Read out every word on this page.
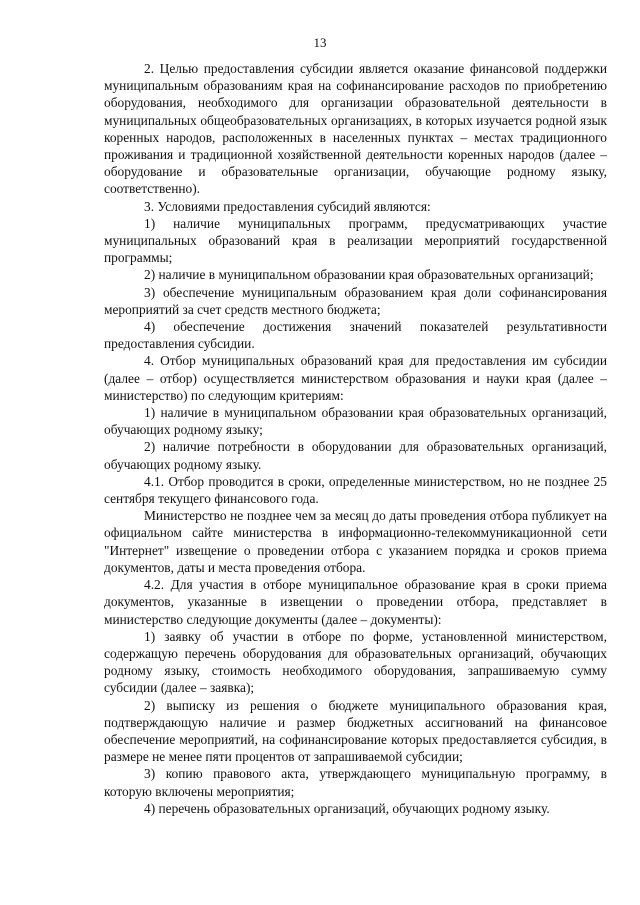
13

2. Целью предоставления субсидии является оказание финансовой поддержки муниципальным образованиям края на софинансирование расходов по приобретению оборудования, необходимого для организации образовательной деятельности в муниципальных общеобразовательных организациях, в которых изучается родной язык коренных народов, расположенных в населенных пунктах – местах традиционного проживания и традиционной хозяйственной деятельности коренных народов (далее – оборудование и образовательные организации, обучающие родному языку, соответственно).

3. Условиями предоставления субсидий являются:

1) наличие муниципальных программ, предусматривающих участие муниципальных образований края в реализации мероприятий государственной программы;

2) наличие в муниципальном образовании края образовательных организаций;

3) обеспечение муниципальным образованием края доли софинансирования мероприятий за счет средств местного бюджета;

4) обеспечение достижения значений показателей результативности предоставления субсидии.

4. Отбор муниципальных образований края для предоставления им субсидии (далее – отбор) осуществляется министерством образования и науки края (далее – министерство) по следующим критериям:

1) наличие в муниципальном образовании края образовательных организаций, обучающих родному языку;

2) наличие потребности в оборудовании для образовательных организаций, обучающих родному языку.

4.1. Отбор проводится в сроки, определенные министерством, но не позднее 25 сентября текущего финансового года.

Министерство не позднее чем за месяц до даты проведения отбора публикует на официальном сайте министерства в информационно-телекоммуникационной сети "Интернет" извещение о проведении отбора с указанием порядка и сроков приема документов, даты и места проведения отбора.

4.2. Для участия в отборе муниципальное образование края в сроки приема документов, указанные в извещении о проведении отбора, представляет в министерство следующие документы (далее – документы):

1) заявку об участии в отборе по форме, установленной министерством, содержащую перечень оборудования для образовательных организаций, обучающих родному языку, стоимость необходимого оборудования, запрашиваемую сумму субсидии (далее – заявка);

2) выписку из решения о бюджете муниципального образования края, подтверждающую наличие и размер бюджетных ассигнований на финансовое обеспечение мероприятий, на софинансирование которых предоставляется субсидия, в размере не менее пяти процентов от запрашиваемой субсидии;

3) копию правового акта, утверждающего муниципальную программу, в которую включены мероприятия;

4) перечень образовательных организаций, обучающих родному языку.
